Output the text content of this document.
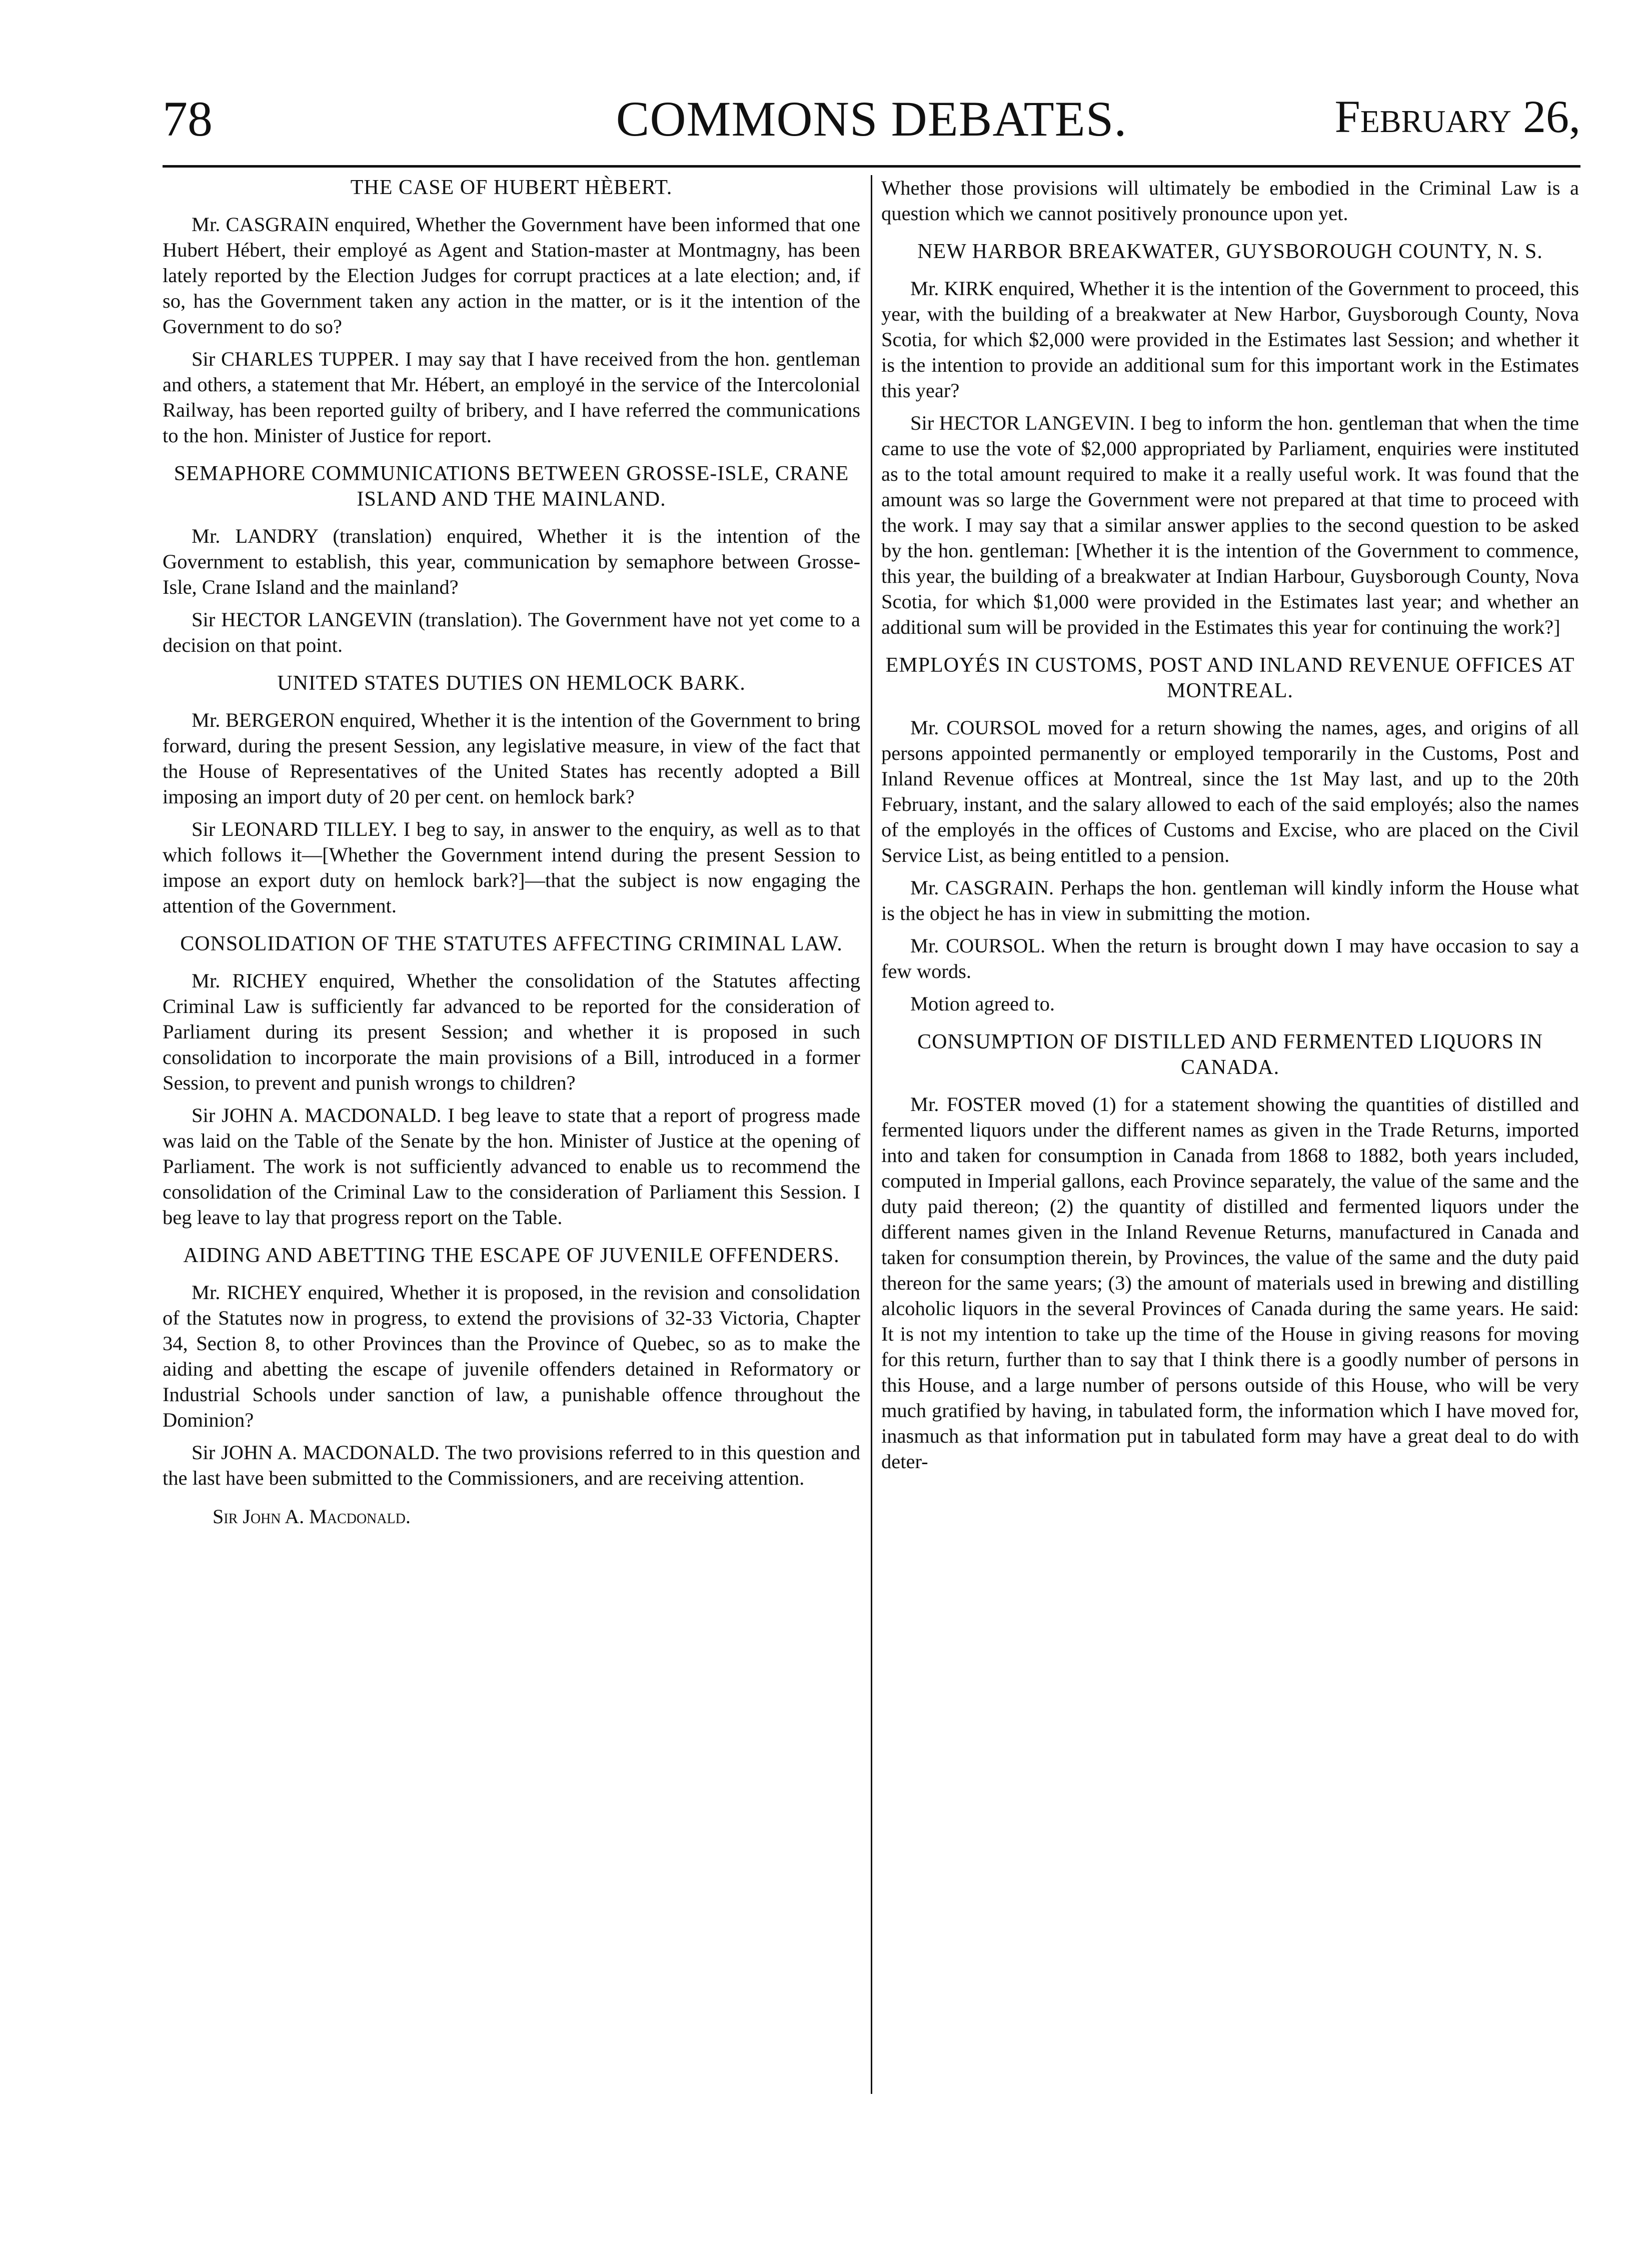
78	COMMONS DEBATES.	February 26,
THE CASE OF HUBERT HÈBERT.

Mr. CASGRAIN enquired, Whether the Government have been informed that one Hubert Hébert, their employé as Agent and Station-master at Montmagny, has been lately reported by the Election Judges for corrupt practices at a late election; and, if so, has the Government taken any action in the matter, or is it the intention of the Government to do so?

Sir CHARLES TUPPER. I may say that I have received from the hon. gentleman and others, a statement that Mr. Hébert, an employé in the service of the Intercolonial Railway, has been reported guilty of bribery, and I have referred the communications to the hon. Minister of Justice for report.

SEMAPHORE COMMUNICATIONS BETWEEN GROSSE-ISLE, CRANE ISLAND AND THE MAINLAND.

Mr. LANDRY (translation) enquired, Whether it is the intention of the Government to establish, this year, communication by semaphore between Grosse-Isle, Crane Island and the mainland?

Sir HECTOR LANGEVIN (translation). The Government have not yet come to a decision on that point.

UNITED STATES DUTIES ON HEMLOCK BARK.

Mr. BERGERON enquired, Whether it is the intention of the Government to bring forward, during the present Session, any legislative measure, in view of the fact that the House of Representatives of the United States has recently adopted a Bill imposing an import duty of 20 per cent. on hemlock bark?

Sir LEONARD TILLEY. I beg to say, in answer to the enquiry, as well as to that which follows it—[Whether the Government intend during the present Session to impose an export duty on hemlock bark?]—that the subject is now engaging the attention of the Government.

CONSOLIDATION OF THE STATUTES AFFECTING CRIMINAL LAW.

Mr. RICHEY enquired, Whether the consolidation of the Statutes affecting Criminal Law is sufficiently far advanced to be reported for the consideration of Parliament during its present Session; and whether it is proposed in such consolidation to incorporate the main provisions of a Bill, introduced in a former Session, to prevent and punish wrongs to children?

Sir JOHN A. MACDONALD. I beg leave to state that a report of progress made was laid on the Table of the Senate by the hon. Minister of Justice at the opening of Parliament. The work is not sufficiently advanced to enable us to recommend the consolidation of the Criminal Law to the consideration of Parliament this Session. I beg leave to lay that progress report on the Table.

AIDING AND ABETTING THE ESCAPE OF JUVENILE OFFENDERS.

Mr. RICHEY enquired, Whether it is proposed, in the revision and consolidation of the Statutes now in progress, to extend the provisions of 32-33 Victoria, Chapter 34, Section 8, to other Provinces than the Province of Quebec, so as to make the aiding and abetting the escape of juvenile offenders detained in Reformatory or Industrial Schools under sanction of law, a punishable offence throughout the Dominion?

Sir JOHN A. MACDONALD. The two provisions referred to in this question and the last have been submitted to the Commissioners, and are receiving attention.

Sir John A. Macdonald.

Whether those provisions will ultimately be embodied in the Criminal Law is a question which we cannot positively pronounce upon yet.

NEW HARBOR BREAKWATER, GUYSBOROUGH COUNTY, N. S.

Mr. KIRK enquired, Whether it is the intention of the Government to proceed, this year, with the building of a breakwater at New Harbor, Guysborough County, Nova Scotia, for which $2,000 were provided in the Estimates last Session; and whether it is the intention to provide an additional sum for this important work in the Estimates this year?

Sir HECTOR LANGEVIN. I beg to inform the hon. gentleman that when the time came to use the vote of $2,000 appropriated by Parliament, enquiries were instituted as to the total amount required to make it a really useful work. It was found that the amount was so large the Government were not prepared at that time to proceed with the work. I may say that a similar answer applies to the second question to be asked by the hon. gentleman: [Whether it is the intention of the Government to commence, this year, the building of a breakwater at Indian Harbour, Guysborough County, Nova Scotia, for which $1,000 were provided in the Estimates last year; and whether an additional sum will be provided in the Estimates this year for continuing the work?]

EMPLOYÉS IN CUSTOMS, POST AND INLAND REVENUE OFFICES AT MONTREAL.

Mr. COURSOL moved for a return showing the names, ages, and origins of all persons appointed permanently or employed temporarily in the Customs, Post and Inland Revenue offices at Montreal, since the 1st May last, and up to the 20th February, instant, and the salary allowed to each of the said employés; also the names of the employés in the offices of Customs and Excise, who are placed on the Civil Service List, as being entitled to a pension.

Mr. CASGRAIN. Perhaps the hon. gentleman will kindly inform the House what is the object he has in view in submitting the motion.

Mr. COURSOL. When the return is brought down I may have occasion to say a few words.

Motion agreed to.

CONSUMPTION OF DISTILLED AND FERMENTED LIQUORS IN CANADA.

Mr. FOSTER moved (1) for a statement showing the quantities of distilled and fermented liquors under the different names as given in the Trade Returns, imported into and taken for consumption in Canada from 1868 to 1882, both years included, computed in Imperial gallons, each Province separately, the value of the same and the duty paid thereon; (2) the quantity of distilled and fermented liquors under the different names given in the Inland Revenue Returns, manufactured in Canada and taken for consumption therein, by Provinces, the value of the same and the duty paid thereon for the same years; (3) the amount of materials used in brewing and distilling alcoholic liquors in the several Provinces of Canada during the same years. He said: It is not my intention to take up the time of the House in giving reasons for moving for this return, further than to say that I think there is a goodly number of persons in this House, and a large number of persons outside of this House, who will be very much gratified by having, in tabulated form, the information which I have moved for, inasmuch as that information put in tabulated form may have a great deal to do with deter-
